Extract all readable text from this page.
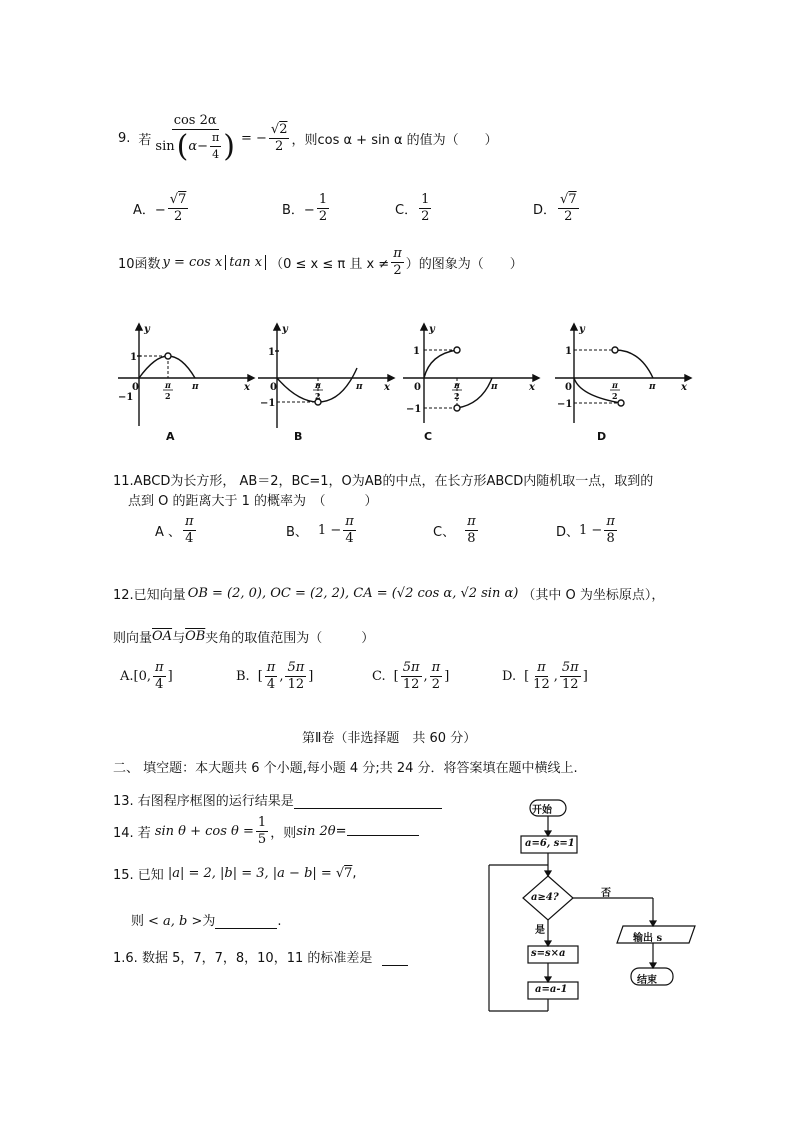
9. 若
cos 2α
sin ( $\alpha- \frac{\pi}{4}$ ) = − $\frac{√2}{2}$ ，则cos α + sin α 的值为（　　）
A．− $\frac{√7}{2}$	B．− $\frac{1}{2}$	C． $\frac{1}{2}$	D． $\frac{√7}{2}$
10函数 y = cos x tan x （0 ≤ x ≤ π 且 $x \ne \frac{\pi}{2}$ ）的图象为（　　）
y
1
0
−1
π
2
π	x
y
1
0
−1
π
2
π x
y
1
0
−1
π
2
π	x
y
1
0
−1
π
2
π	x
A	B	C	D
11.ABCD为长方形， AB＝2，BC=1，O为AB的中点，在长方形ABCD内随机取一点，取到的
点到 O 的距离大于 1 的概率为　（　　　）
A 、 $\frac{\pi}{4}$	B、 $1 - \frac{\pi}{4}$	C、 $\frac{\pi}{8}$	D、 $1 - \frac{\pi}{8}$
12.已知向量 OB = (2, 0), OC = (2, 2), CA = (√2 cos α, √2 sin α) （其中 O 为坐标原点），
则向量 $\overline{OA}$ 与 $\overline{OB}$ 夹角的取值范围为（　　　）
A. [0, $\frac{\pi}{4}$ ]	B. [ $\frac{\pi}{4}$ , $\frac{5\pi}{12}$ ]	C. [ $\frac{5\pi}{12}$ , $\frac{\pi}{2}$ ]	D. [ $\frac{\pi}{12}$ , $\frac{5\pi}{12}$ ]
第Ⅱ卷（非选择题　共 60 分）
二、 填空题：本大题共 6 个小题,每小题 4 分;共 24 分．将答案填在题中横线上.
13. 右图程序框图的运行结果是
14. 若 $\sin \theta + \cos \theta = \frac{1}{5}$ ，则 sin 2θ =
15. 已知 |a| = 2, |b| = 3, |a − b| = √7 ,
则 < a, b > 为	.
1.6. 数据 5，7，7，8，10，11 的标准差是
开始
a=6, s=1
a≥4?	否
是
s=s×a
a=a-1
输出 s
结束
